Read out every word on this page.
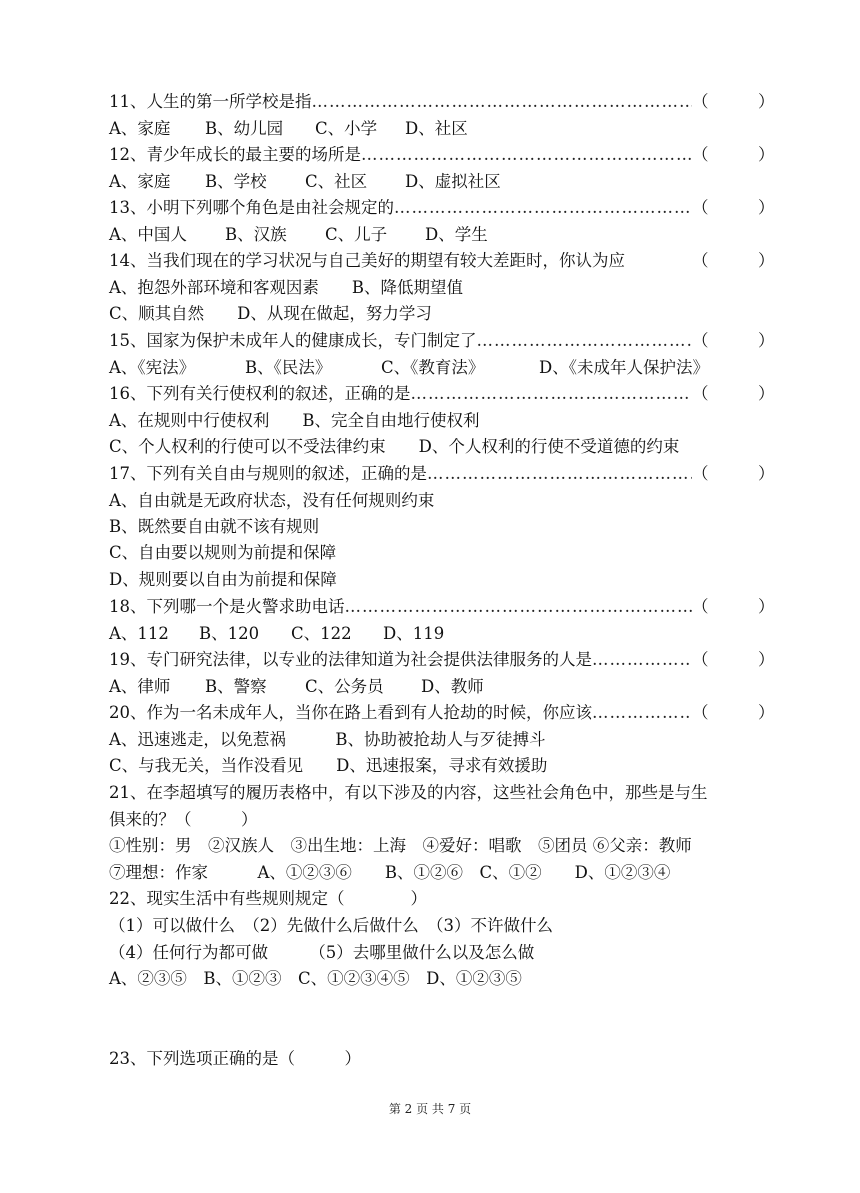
11、人生的第一所学校是指 ……………………………………………………………………………………………………………………………………	（　　　）
A、家庭 B、幼儿园 C、小学 D、社区
12、青少年成长的最主要的场所是 ……………………………………………………………………………………………………………………………………	（　　　）
A、家庭 B、学校 C、社区 D、虚拟社区
13、小明下列哪个角色是由社会规定的 ……………………………………………………………………………………………………………………………………	（　　　）
A、中国人 B、汉族 C、儿子 D、学生
14、当我们现在的学习状况与自己美好的期望有较大差距时，你认为应	（　　　）
A、抱怨外部环境和客观因素　　B、降低期望值
C、顺其自然　　D、从现在做起，努力学习
15、国家为保护未成年人的健康成长，专门制定了 ……………………………………………………………………………………………………………………………………	（　　　）
A、《宪法》	B、《民法》	C、《教育法》	D、《未成年人保护法》
16、下列有关行使权利的叙述，正确的是 ……………………………………………………………………………………………………………………………………	（　　　）
A、在规则中行使权利　　B、完全自由地行使权利
C、个人权利的行使可以不受法律约束　　D、个人权利的行使不受道德的约束
17、下列有关自由与规则的叙述，正确的是 ……………………………………………………………………………………………………………………………………	（　　　）
A、自由就是无政府状态，没有任何规则约束
B、既然要自由就不该有规则
C、自由要以规则为前提和保障
D、规则要以自由为前提和保障
18、下列哪一个是火警求助电话 ……………………………………………………………………………………………………………………………………	（　　　）
A、112 B、120 C、122 D、119
19、专门研究法律，以专业的法律知道为社会提供法律服务的人是 ……………………………………………………………………………………………………………………………………	（　　　）
A、律师 B、警察 C、公务员 D、教师
20、作为一名未成年人，当你在路上看到有人抢劫的时候，你应该 ……………………………………………………………………………………………………………………………………	（　　　）
A、迅速逃走，以免惹祸　　　B、协助被抢劫人与歹徒搏斗
C、与我无关，当作没看见　　D、迅速报案，寻求有效援助
21、在李超填写的履历表格中，有以下涉及的内容，这些社会角色中，那些是与生
俱来的？（　　　）
①性别：男　②汉族人　③出生地：上海　④爱好：唱歌　⑤团员 ⑥父亲：教师
⑦理想：作家　　　A、①②③⑥　　B、①②⑥　C、①②　　D、①②③④
22、现实生活中有些规则规定（　　　　）
（1）可以做什么　（2）先做什么后做什么　（3）不许做什么
（4）任何行为都可做　　　（5）去哪里做什么以及怎么做
A、②③⑤　B、①②③　C、①②③④⑤　D、①②③⑤
23、下列选项正确的是（　　　）
第 2 页 共 7 页
